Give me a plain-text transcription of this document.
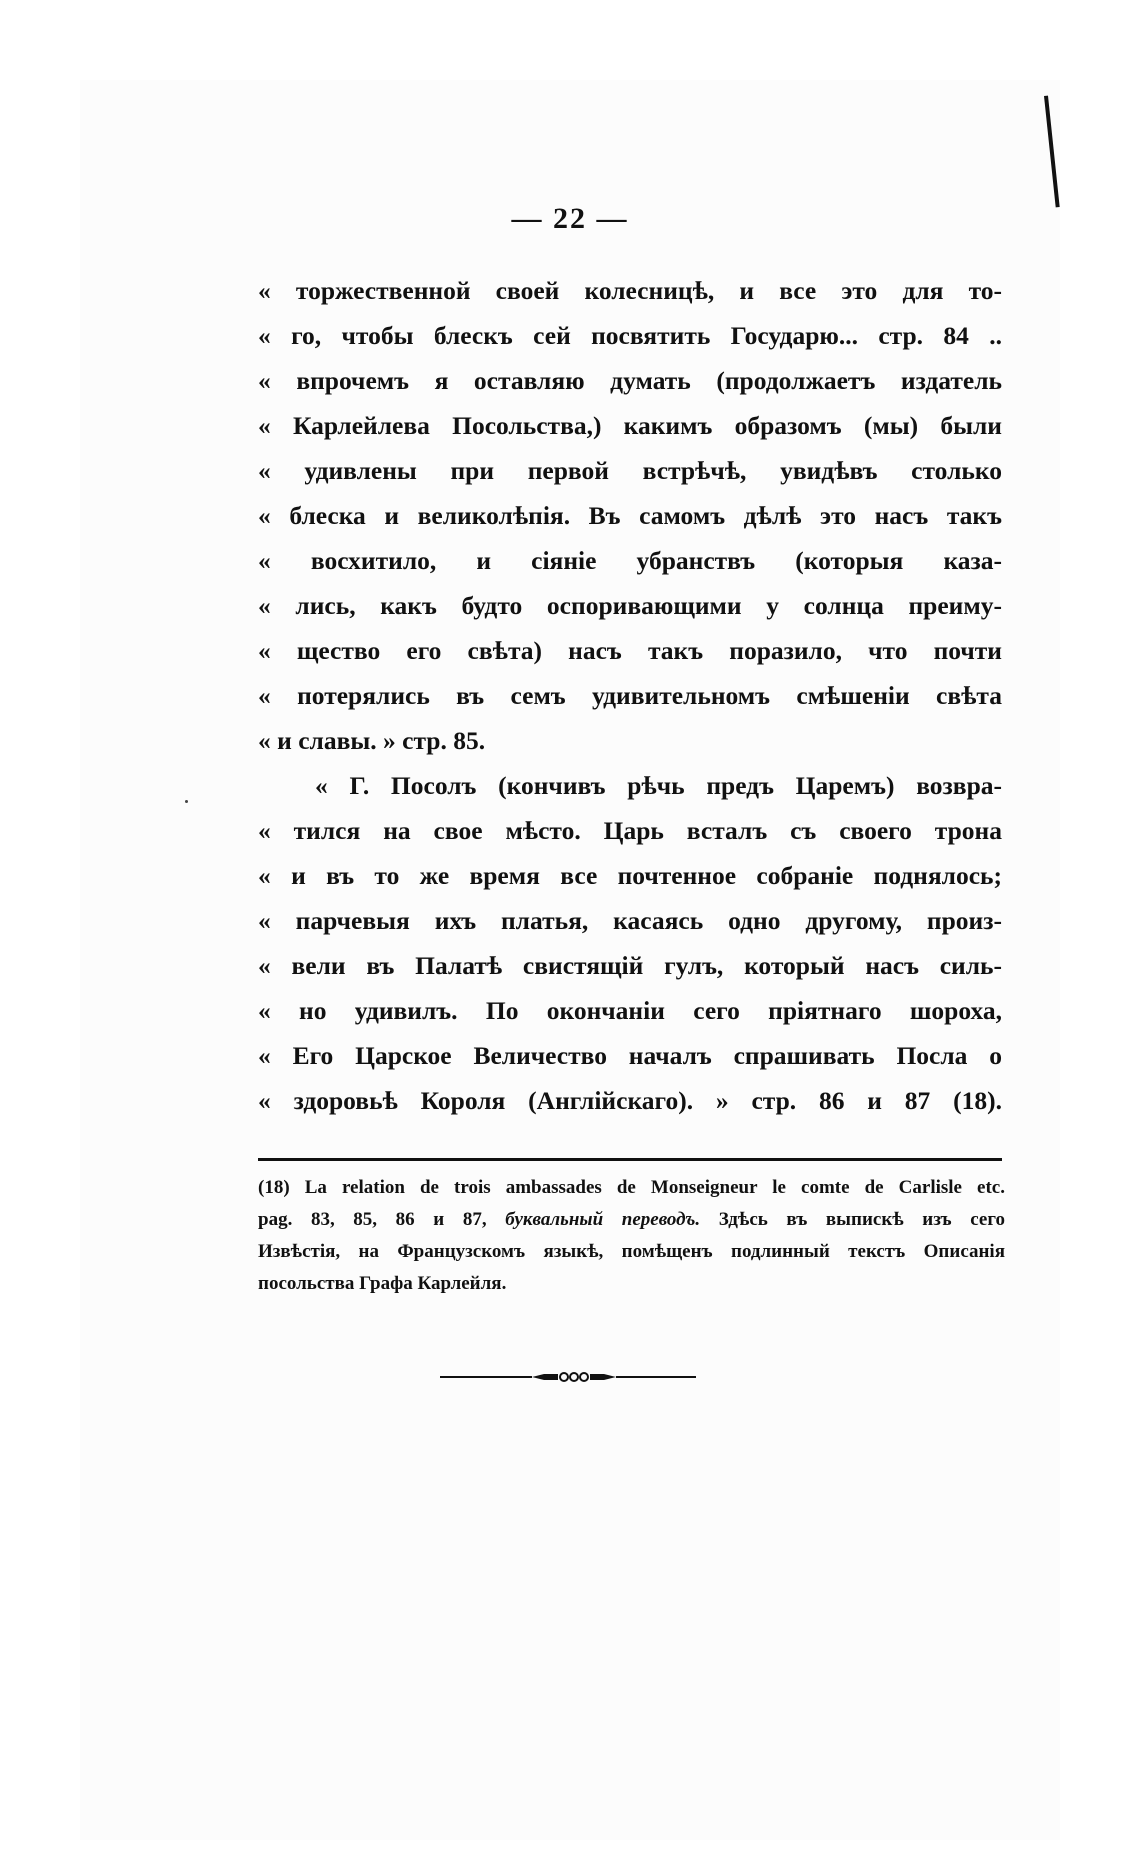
— 22 —
« торжественной своей колесницѣ, и все это для то-
« го, чтобы блескъ сей посвятить Государю... стр. 84 ..
« впрочемъ я оставляю думать (продолжаетъ издатель
« Карлейлева Посольства,) какимъ образомъ (мы) были
« удивлены при первой встрѣчѣ, увидѣвъ столько
« блеска и великолѣпія. Въ самомъ дѣлѣ это насъ такъ
« восхитило, и сіяніе убранствъ (которыя каза-
« лись, какъ будто оспоривающими у солнца преиму-
« щество его свѣта) насъ такъ поразило, что почти
« потерялись въ семъ удивительномъ смѣшеніи свѣта
« и славы. » стр. 85.
« Г. Посолъ (кончивъ рѣчь предъ Царемъ) возвра-
« тился на свое мѣсто. Царь всталъ съ своего трона
« и въ то же время все почтенное собраніе поднялось;
« парчевыя ихъ платья, касаясь одно другому, произ-
« вели въ Палатѣ свистящій гулъ, который насъ силь-
« но удивилъ. По окончаніи сего пріятнаго шороха,
« Его Царское Величество началъ спрашивать Посла о
« здоровьѣ Короля (Англійскаго). » стр. 86 и 87 (18).
(18) La relation de trois ambassades de Monseigneur le comte de Carlisle etc.
pag. 83, 85, 86 и 87, буквальный переводъ. Здѣсь въ выпискѣ изъ сего
Извѣстія, на Французскомъ языкѣ, помѣщенъ подлинный текстъ Описанія
посольства Графа Карлейля.
